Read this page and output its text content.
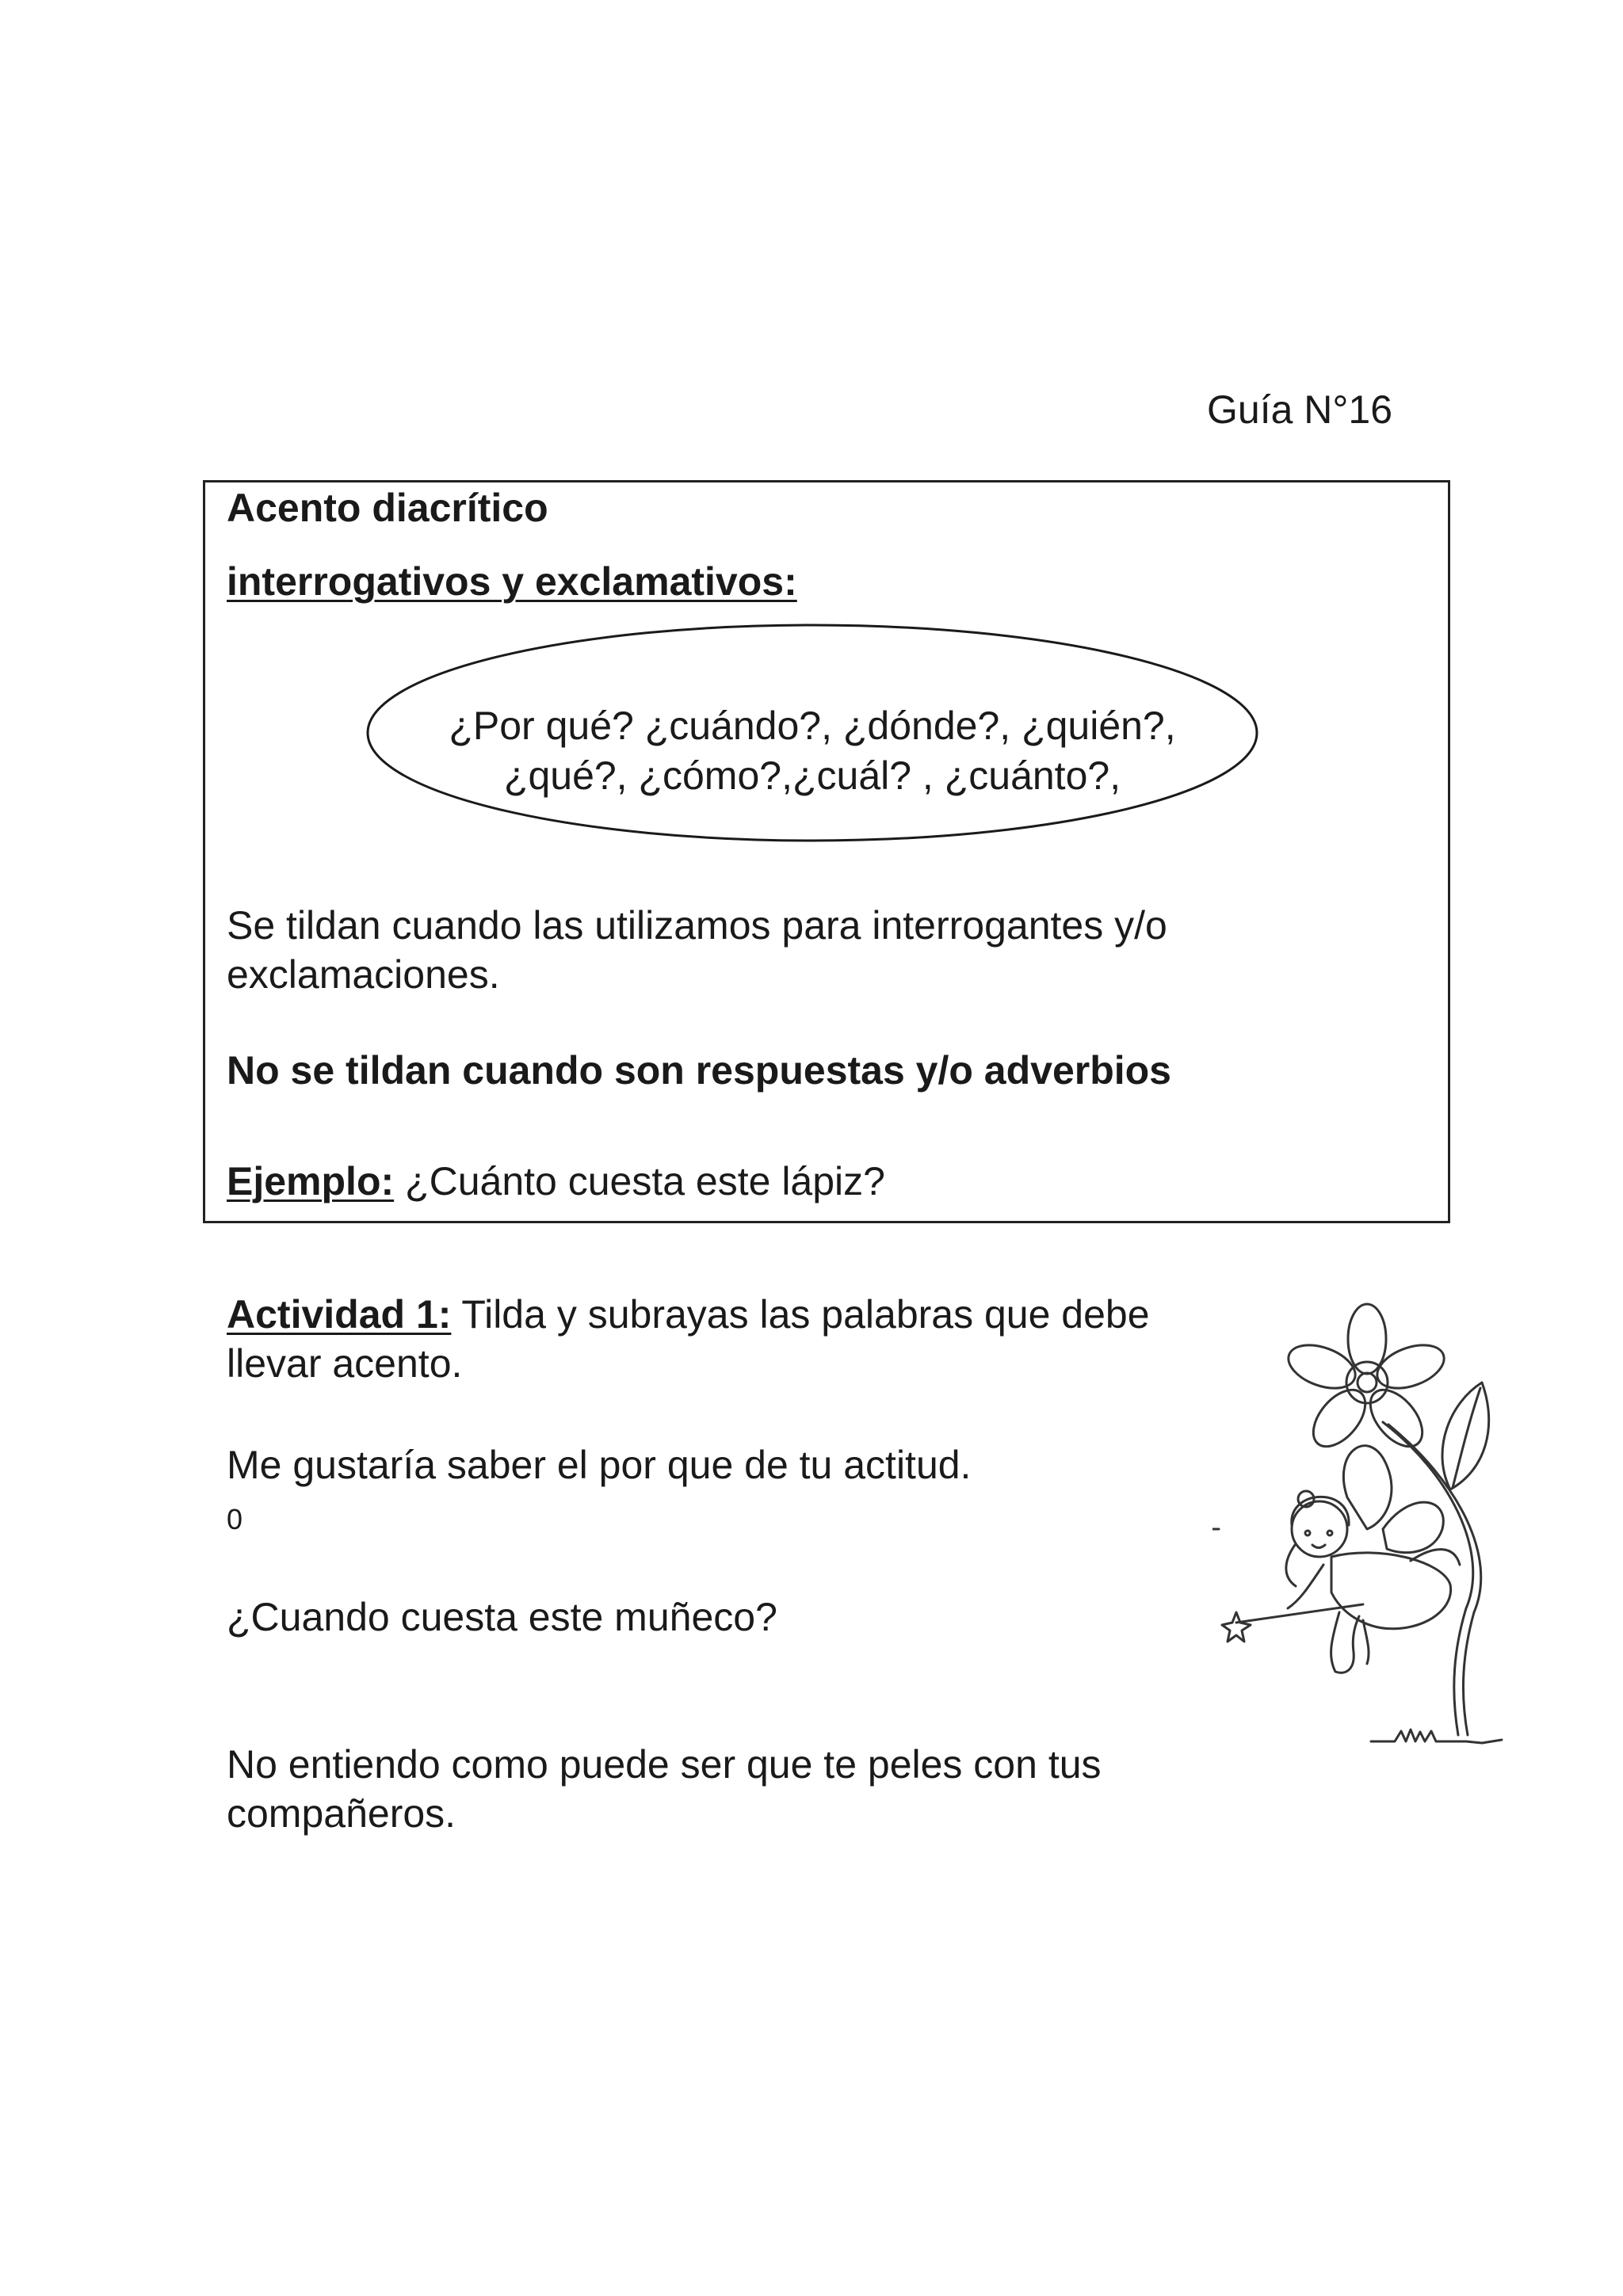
Guía N°16
Acento diacrítico
interrogativos y exclamativos:
¿Por qué? ¿cuándo?, ¿dónde?, ¿quién?,
¿qué?, ¿cómo?,¿cuál? , ¿cuánto?,
Se tildan cuando las utilizamos para interrogantes y/o exclamaciones.
No se tildan cuando son respuestas y/o adverbios
Ejemplo: ¿Cuánto cuesta este lápiz?
Actividad 1: Tilda y subrayas las palabras que debe llevar acento.
Me gustaría saber el por que de tu actitud.
0
¿Cuando cuesta este muñeco?
No entiendo como puede ser que te peles con tus compañeros.
